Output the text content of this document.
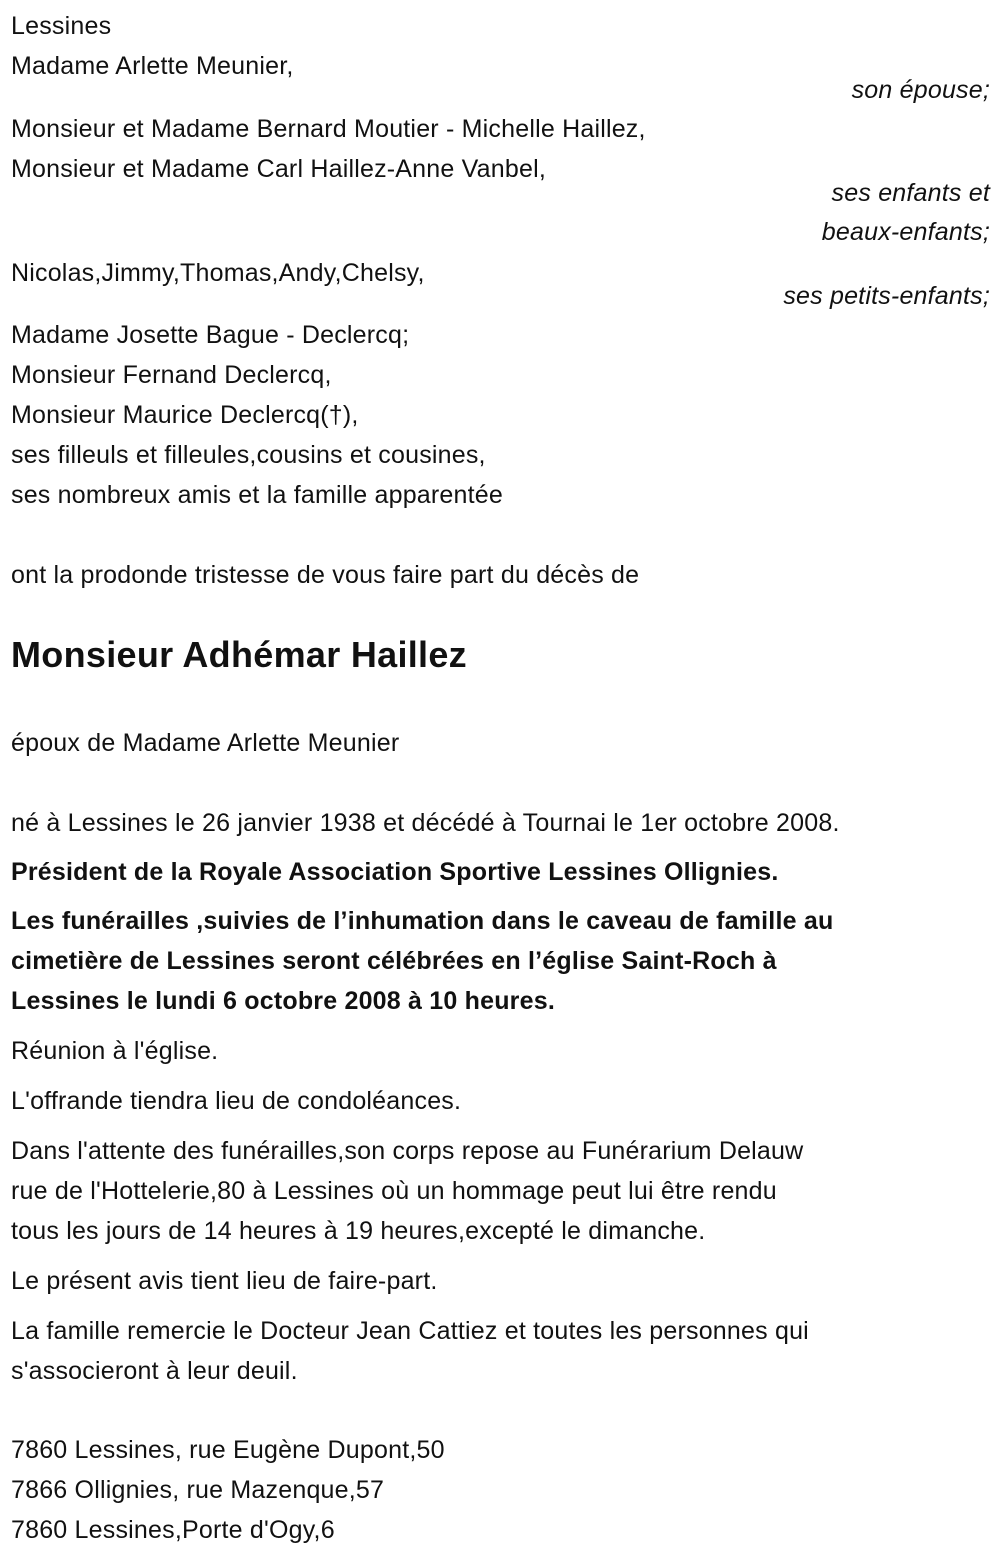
Lessines
Madame Arlette Meunier,
son épouse;
Monsieur et Madame Bernard Moutier - Michelle Haillez,
Monsieur et Madame Carl Haillez-Anne Vanbel,
ses enfants et
beaux-enfants;
Nicolas,Jimmy,Thomas,Andy,Chelsy,
ses petits-enfants;
Madame Josette Bague - Declercq;
Monsieur Fernand Declercq,
Monsieur Maurice Declercq(†),
ses filleuls et filleules,cousins et cousines,
ses nombreux amis et la famille apparentée
ont la prodonde tristesse de vous faire part du décès de
Monsieur Adhémar Haillez
époux de Madame Arlette Meunier
né à Lessines le 26 janvier 1938 et décédé à Tournai le 1er octobre 2008.
Président de la Royale Association Sportive Lessines Ollignies.
Les funérailles ,suivies de l’inhumation dans le caveau de famille au
cimetière de Lessines seront célébrées en l’église Saint-Roch à
Lessines le lundi 6 octobre 2008 à 10 heures.
Réunion à l'église.
L'offrande tiendra lieu de condoléances.
Dans l'attente des funérailles,son corps repose au Funérarium Delauw
rue de l'Hottelerie,80 à Lessines où un hommage peut lui être rendu
tous les jours de 14 heures à 19 heures,excepté le dimanche.
Le présent avis tient lieu de faire-part.
La famille remercie le Docteur Jean Cattiez et toutes les personnes qui
s'associeront à leur deuil.
7860 Lessines, rue Eugène Dupont,50
7866 Ollignies, rue Mazenque,57
7860 Lessines,Porte d'Ogy,6
